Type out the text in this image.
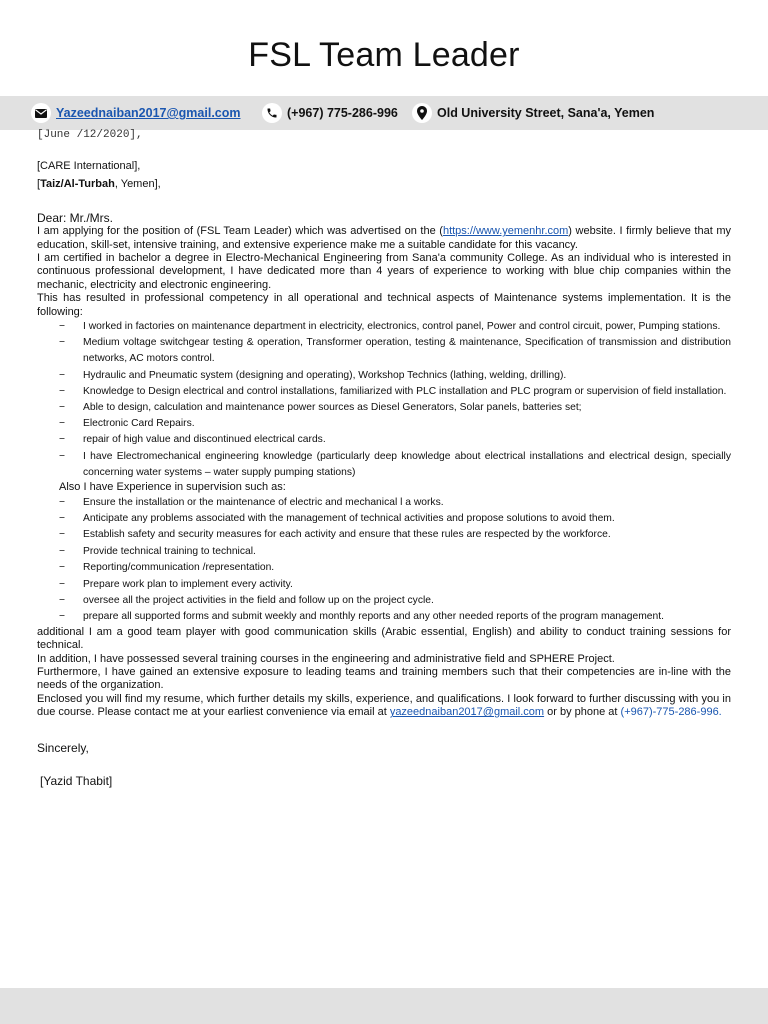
FSL Team Leader
Yazeednaiban2017@gmail.com	(+967) 775-286-996	Old University Street, Sana'a, Yemen
[June /12/2020],
[CARE International],
[Taiz/Al-Turbah, Yemen],
Dear: Mr./Mrs.
I am applying for the position of (FSL Team Leader) which was advertised on the (https://www.yemenhr.com) website. I firmly believe that my education, skill-set, intensive training, and extensive experience make me a suitable candidate for this vacancy.
I am certified in bachelor a degree in Electro-Mechanical Engineering from Sana'a community College. As an individual who is interested in continuous professional development, I have dedicated more than 4 years of experience to working with blue chip companies within the mechanic, electricity and electronic engineering.
This has resulted in professional competency in all operational and technical aspects of Maintenance systems implementation. It is the following:
− I worked in factories on maintenance department in electricity, electronics, control panel, Power and control circuit, power, Pumping stations.
− Medium voltage switchgear testing & operation, Transformer operation, testing & maintenance, Specification of transmission and distribution networks, AC motors control.
− Hydraulic and Pneumatic system (designing and operating), Workshop Technics (lathing, welding, drilling).
− Knowledge to Design electrical and control installations, familiarized with PLC installation and PLC program or supervision of field installation.
− Able to design, calculation and maintenance power sources as Diesel Generators, Solar panels, batteries set;
− Electronic Card Repairs.
− repair of high value and discontinued electrical cards.
− I have Electromechanical engineering knowledge (particularly deep knowledge about electrical installations and electrical design, specially concerning water systems – water supply pumping stations)
Also I have Experience in supervision such as:
− Ensure the installation or the maintenance of electric and mechanical l a works.
− Anticipate any problems associated with the management of technical activities and propose solutions to avoid them.
− Establish safety and security measures for each activity and ensure that these rules are respected by the workforce.
− Provide technical training to technical.
− Reporting/communication /representation.
− Prepare work plan to implement every activity.
− oversee all the project activities in the field and follow up on the project cycle.
− prepare all supported forms and submit weekly and monthly reports and any other needed reports of the program management.
additional I am a good team player with good communication skills (Arabic essential, English) and ability to conduct training sessions for technical.
In addition, I have possessed several training courses in the engineering and administrative field and SPHERE Project.
Furthermore, I have gained an extensive exposure to leading teams and training members such that their competencies are in-line with the needs of the organization.
Enclosed you will find my resume, which further details my skills, experience, and qualifications. I look forward to further discussing with you in due course. Please contact me at your earliest convenience via email at yazeednaiban2017@gmail.com or by phone at (+967)-775-286-996.
Sincerely,
[Yazid Thabit]
